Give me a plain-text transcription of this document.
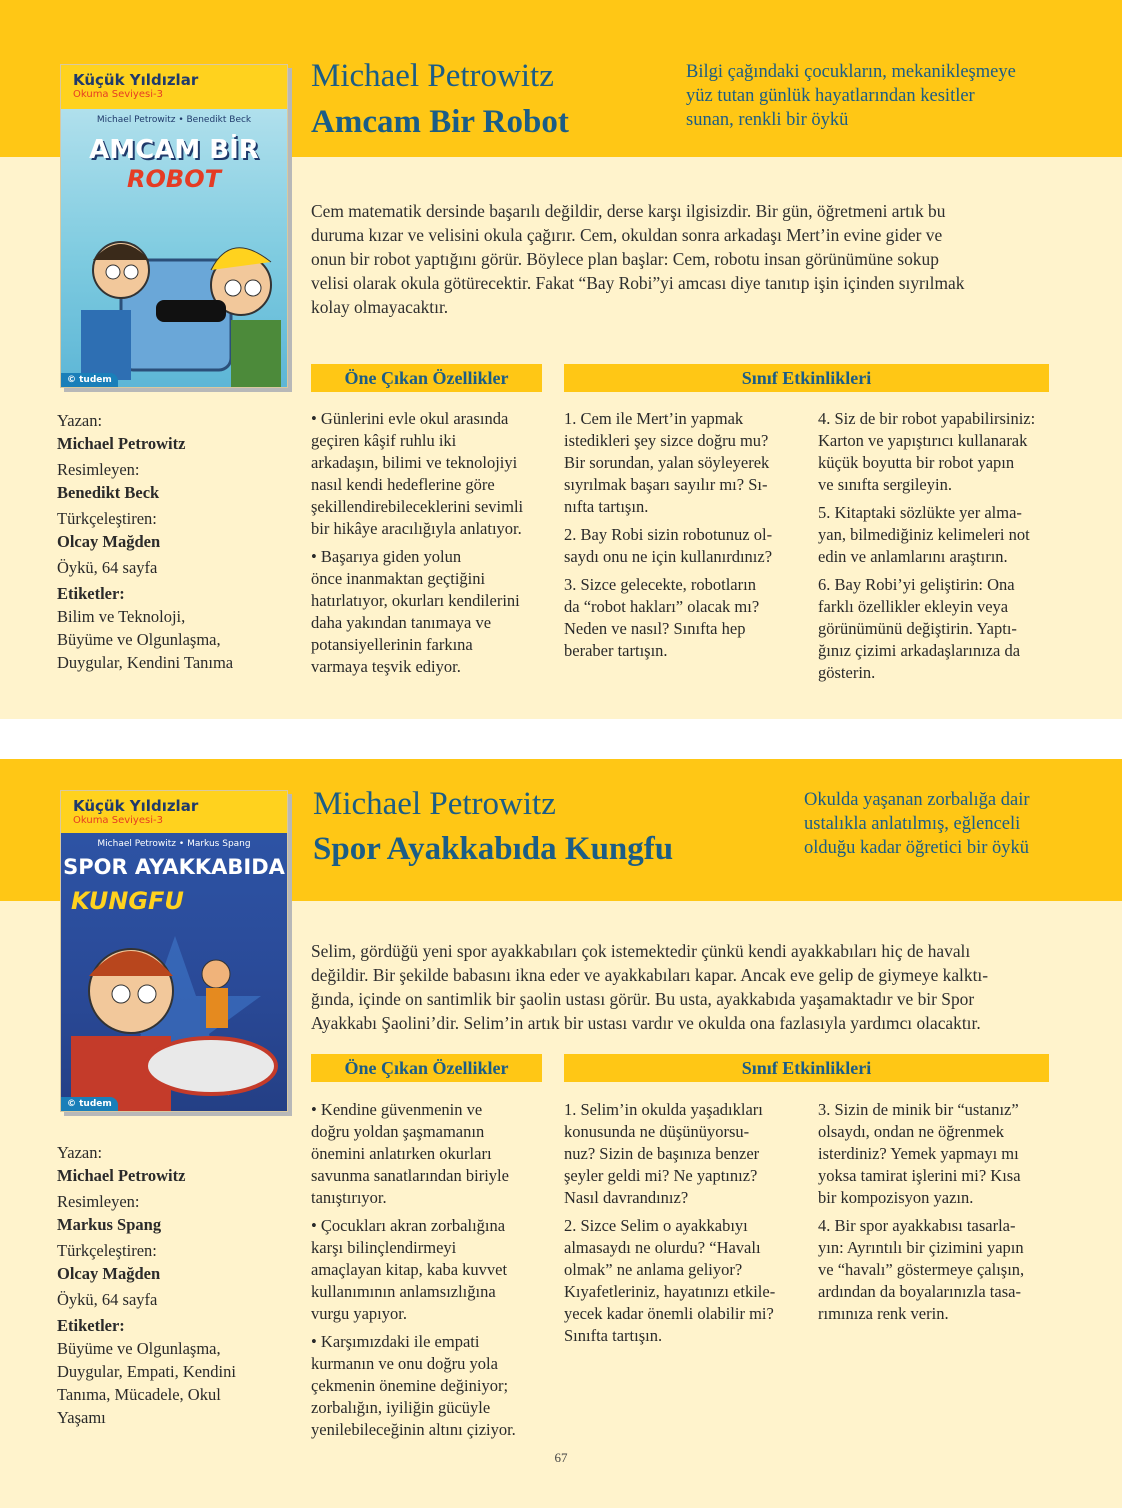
Küçük Yıldızlar
Okuma Seviyesi-3
Michael Petrowitz • Benedikt Beck
AMCAM BİR
ROBOT
© tudem
Michael Petrowitz
Amcam Bir Robot
Bilgi çağındaki çocukların, mekanikleşmeye
yüz tutan günlük hayatlarından kesitler
sunan, renkli bir öykü
Cem matematik dersinde başarılı değildir, derse karşı ilgisizdir. Bir gün, öğretmeni artık bu
duruma kızar ve velisini okula çağırır. Cem, okuldan sonra arkadaşı Mert’in evine gider ve
onun bir robot yaptığını görür. Böylece plan başlar: Cem, robotu insan görünümüne sokup
velisi olarak okula götürecektir. Fakat “Bay Robi”yi amcası diye tanıtıp işin içinden sıyrılmak
kolay olmayacaktır.
Yazan:
Michael Petrowitz
Resimleyen:
Benedikt Beck
Türkçeleştiren:
Olcay Mağden
Öykü, 64 sayfa
Etiketler:
Bilim ve Teknoloji,
Büyüme ve Olgunlaşma,
Duygular, Kendini Tanıma
Öne Çıkan Özellikler	Sınıf Etkinlikleri

• Günlerini evle okul arasında
geçiren kâşif ruhlu iki
arkadaşın, bilimi ve teknolojiyi
nasıl kendi hedeflerine göre
şekillendirebileceklerini sevimli
bir hikâye aracılığıyla anlatıyor.

• Başarıya giden yolun
önce inanmaktan geçtiğini
hatırlatıyor, okurları kendilerini
daha yakından tanımaya ve
potansiyellerinin farkına
varmaya teşvik ediyor.

1. Cem ile Mert’in yapmak
istedikleri şey sizce doğru mu?
Bir sorundan, yalan söyleyerek
sıyrılmak başarı sayılır mı? Sı-
nıfta tartışın.

2. Bay Robi sizin robotunuz ol-
saydı onu ne için kullanırdınız?

3. Sizce gelecekte, robotların
da “robot hakları” olacak mı?
Neden ve nasıl? Sınıfta hep
beraber tartışın.

4. Siz de bir robot yapabilirsiniz:
Karton ve yapıştırıcı kullanarak
küçük boyutta bir robot yapın
ve sınıfta sergileyin.

5. Kitaptaki sözlükte yer alma-
yan, bilmediğiniz kelimeleri not
edin ve anlamlarını araştırın.

6. Bay Robi’yi geliştirin: Ona
farklı özellikler ekleyin veya
görünümünü değiştirin. Yaptı-
ğınız çizimi arkadaşlarınıza da
gösterin.

Küçük Yıldızlar
Okuma Seviyesi-3
Michael Petrowitz • Markus Spang
SPOR AYAKKABIDA
KUNGFU
© tudem
Michael Petrowitz
Spor Ayakkabıda Kungfu
Okulda yaşanan zorbalığa dair
ustalıkla anlatılmış, eğlenceli
olduğu kadar öğretici bir öykü
Selim, gördüğü yeni spor ayakkabıları çok istemektedir çünkü kendi ayakkabıları hiç de havalı
değildir. Bir şekilde babasını ikna eder ve ayakkabıları kapar. Ancak eve gelip de giymeye kalktı-
ğında, içinde on santimlik bir şaolin ustası görür. Bu usta, ayakkabıda yaşamaktadır ve bir Spor
Ayakkabı Şaolini’dir. Selim’in artık bir ustası vardır ve okulda ona fazlasıyla yardımcı olacaktır.
Yazan:
Michael Petrowitz
Resimleyen:
Markus Spang
Türkçeleştiren:
Olcay Mağden
Öykü, 64 sayfa
Etiketler:
Büyüme ve Olgunlaşma,
Duygular, Empati, Kendini
Tanıma, Mücadele, Okul
Yaşamı
Öne Çıkan Özellikler	Sınıf Etkinlikleri

• Kendine güvenmenin ve
doğru yoldan şaşmamanın
önemini anlatırken okurları
savunma sanatlarından biriyle
tanıştırıyor.

• Çocukları akran zorbalığına
karşı bilinçlendirmeyi
amaçlayan kitap, kaba kuvvet
kullanımının anlamsızlığına
vurgu yapıyor.

• Karşımızdaki ile empati
kurmanın ve onu doğru yola
çekmenin önemine değiniyor;
zorbalığın, iyiliğin gücüyle
yenilebileceğinin altını çiziyor.

1. Selim’in okulda yaşadıkları
konusunda ne düşünüyorsu-
nuz? Sizin de başınıza benzer
şeyler geldi mi? Ne yaptınız?
Nasıl davrandınız?

2. Sizce Selim o ayakkabıyı
almasaydı ne olurdu? “Havalı
olmak” ne anlama geliyor?
Kıyafetleriniz, hayatınızı etkile-
yecek kadar önemli olabilir mi?
Sınıfta tartışın.

3. Sizin de minik bir “ustanız”
olsaydı, ondan ne öğrenmek
isterdiniz? Yemek yapmayı mı
yoksa tamirat işlerini mi? Kısa
bir kompozisyon yazın.

4. Bir spor ayakkabısı tasarla-
yın: Ayrıntılı bir çizimini yapın
ve “havalı” göstermeye çalışın,
ardından da boyalarınızla tasa-
rımınıza renk verin.

67
